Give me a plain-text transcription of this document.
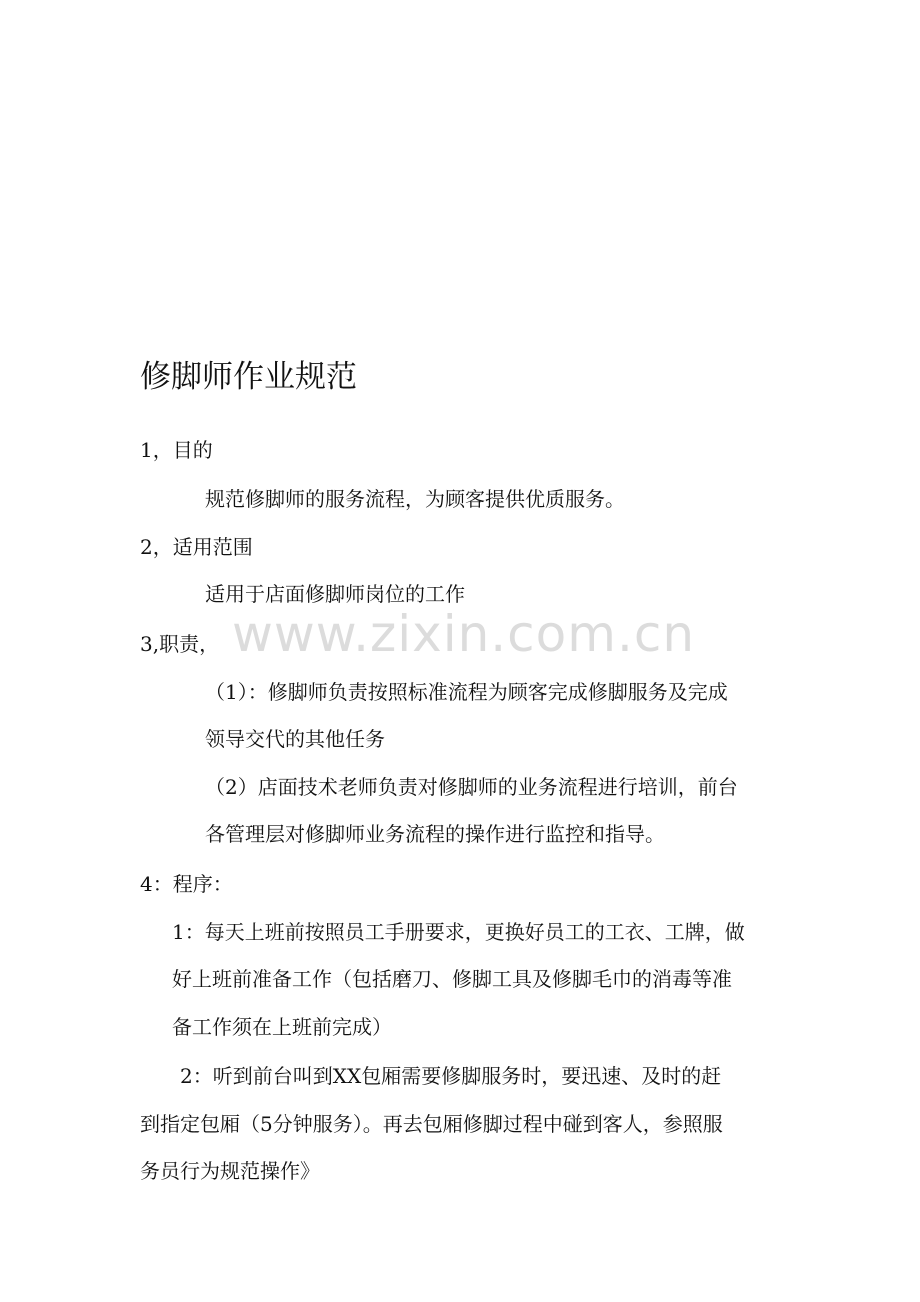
www.zixin.com.cn
修脚师作业规范

1，目的

规范修脚师的服务流程，为顾客提供优质服务。

2，适用范围

适用于店面修脚师岗位的工作

3,职责，

（1）：修脚师负责按照标准流程为顾客完成修脚服务及完成

领导交代的其他任务

（2）店面技术老师负责对修脚师的业务流程进行培训，前台

各管理层对修脚师业务流程的操作进行监控和指导。

4：程序：

1：每天上班前按照员工手册要求，更换好员工的工衣、工牌，做

好上班前准备工作（包括磨刀、修脚工具及修脚毛巾的消毒等准

备工作须在上班前完成）

2：听到前台叫到XX包厢需要修脚服务时，要迅速、及时的赶

到指定包厢（5分钟服务）。再去包厢修脚过程中碰到客人，参照服

务员行为规范操作》
